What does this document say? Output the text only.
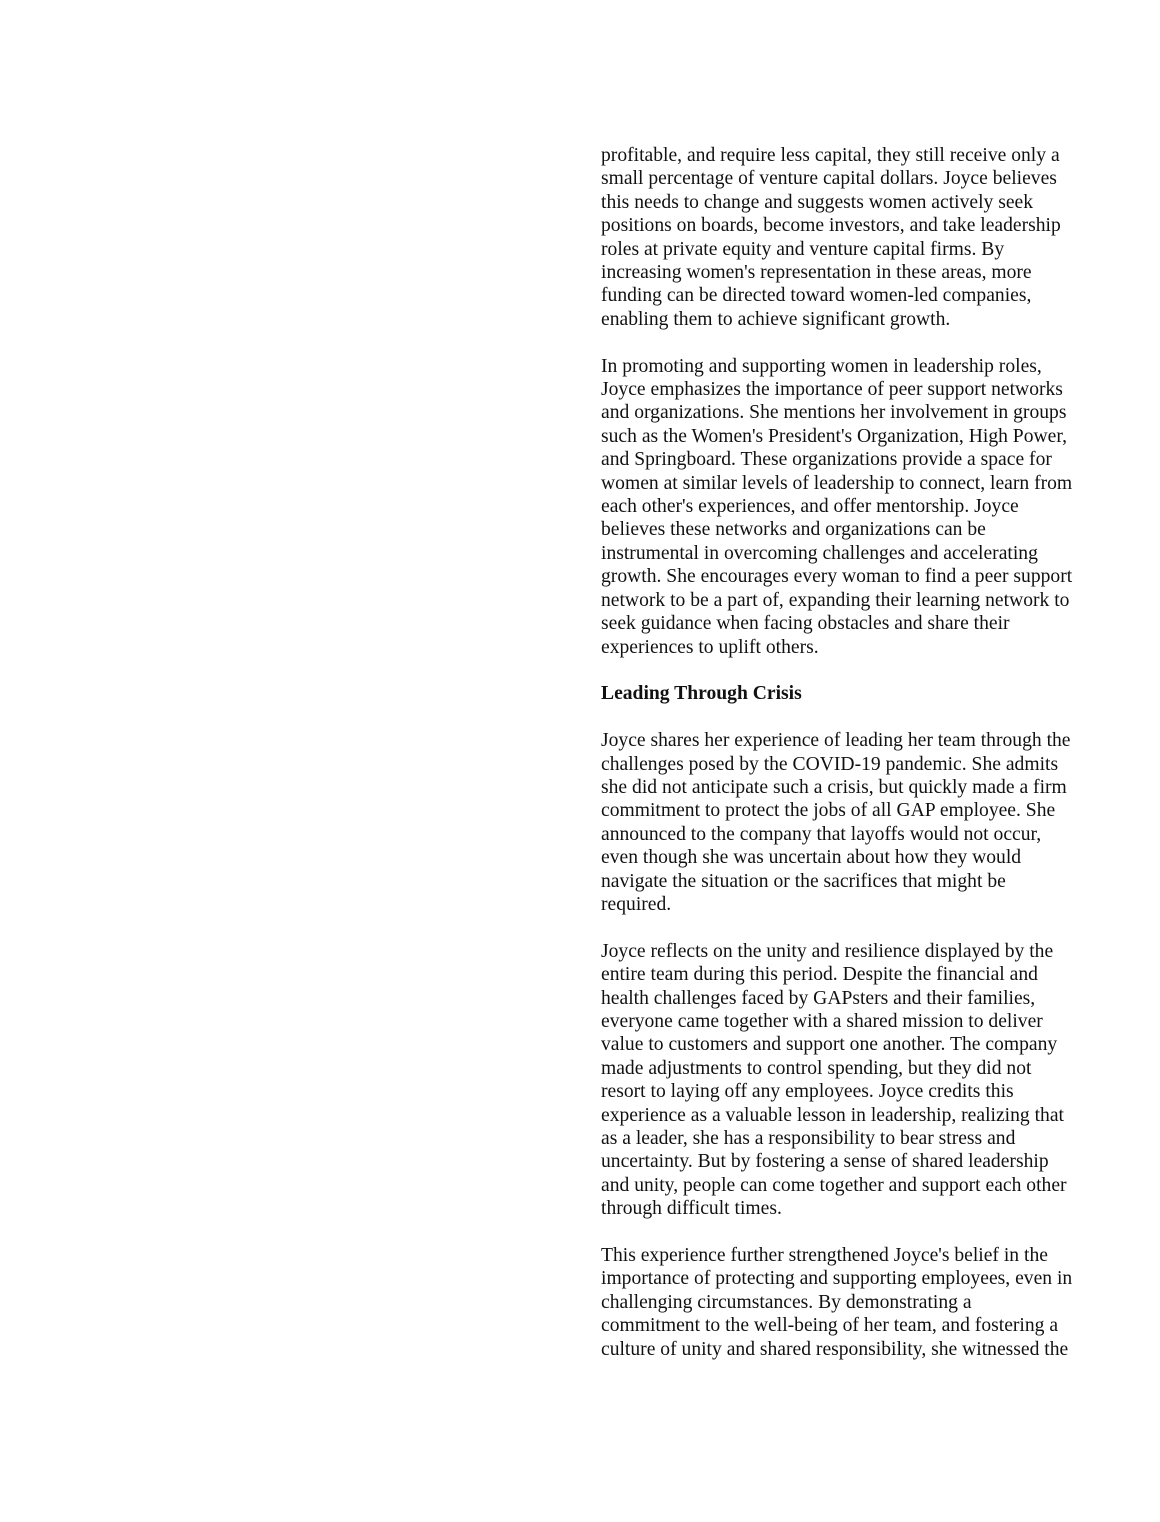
profitable, and require less capital, they still receive only a
small percentage of venture capital dollars. Joyce believes
this needs to change and suggests women actively seek
positions on boards, become investors, and take leadership
roles at private equity and venture capital firms. By
increasing women's representation in these areas, more
funding can be directed toward women-led companies,
enabling them to achieve significant growth.

In promoting and supporting women in leadership roles,
Joyce emphasizes the importance of peer support networks
and organizations. She mentions her involvement in groups
such as the Women's President's Organization, High Power,
and Springboard. These organizations provide a space for
women at similar levels of leadership to connect, learn from
each other's experiences, and offer mentorship. Joyce
believes these networks and organizations can be
instrumental in overcoming challenges and accelerating
growth. She encourages every woman to find a peer support
network to be a part of, expanding their learning network to
seek guidance when facing obstacles and share their
experiences to uplift others.

Leading Through Crisis

Joyce shares her experience of leading her team through the
challenges posed by the COVID-19 pandemic. She admits
she did not anticipate such a crisis, but quickly made a firm
commitment to protect the jobs of all GAP employee. She
announced to the company that layoffs would not occur,
even though she was uncertain about how they would
navigate the situation or the sacrifices that might be
required.

Joyce reflects on the unity and resilience displayed by the
entire team during this period. Despite the financial and
health challenges faced by GAPsters and their families,
everyone came together with a shared mission to deliver
value to customers and support one another. The company
made adjustments to control spending, but they did not
resort to laying off any employees. Joyce credits this
experience as a valuable lesson in leadership, realizing that
as a leader, she has a responsibility to bear stress and
uncertainty. But by fostering a sense of shared leadership
and unity, people can come together and support each other
through difficult times.

This experience further strengthened Joyce's belief in the
importance of protecting and supporting employees, even in
challenging circumstances. By demonstrating a
commitment to the well-being of her team, and fostering a
culture of unity and shared responsibility, she witnessed the
